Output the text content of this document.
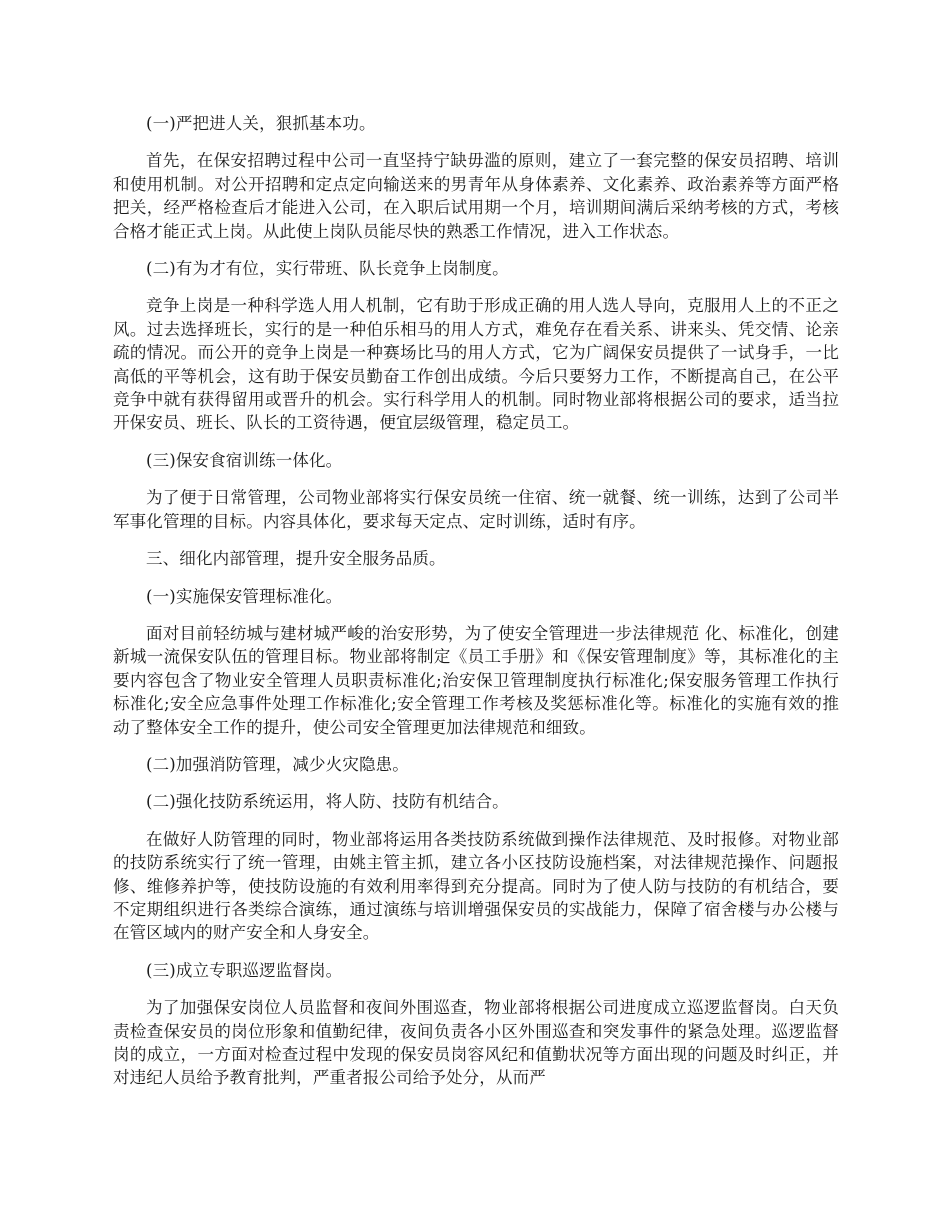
(一)严把进人关，狠抓基本功。

首先，在保安招聘过程中公司一直坚持宁缺毋滥的原则，建立了一套完整的保安员招聘、培训和使用机制。对公开招聘和定点定向输送来的男青年从身体素养、文化素养、政治素养等方面严格把关，经严格检查后才能进入公司，在入职后试用期一个月，培训期间满后采纳考核的方式，考核合格才能正式上岗。从此使上岗队员能尽快的熟悉工作情况，进入工作状态。

(二)有为才有位，实行带班、队长竞争上岗制度。

竞争上岗是一种科学选人用人机制，它有助于形成正确的用人选人导向，克服用人上的不正之风。过去选择班长，实行的是一种伯乐相马的用人方式，难免存在看关系、讲来头、凭交情、论亲疏的情况。而公开的竞争上岗是一种赛场比马的用人方式，它为广阔保安员提供了一试身手，一比高低的平等机会，这有助于保安员勤奋工作创出成绩。今后只要努力工作，不断提高自己，在公平竞争中就有获得留用或晋升的机会。实行科学用人的机制。同时物业部将根据公司的要求，适当拉开保安员、班长、队长的工资待遇，便宜层级管理，稳定员工。

(三)保安食宿训练一体化。

为了便于日常管理，公司物业部将实行保安员统一住宿、统一就餐、统一训练，达到了公司半军事化管理的目标。内容具体化，要求每天定点、定时训练，适时有序。

三、细化内部管理，提升安全服务品质。

(一)实施保安管理标准化。

面对目前轻纺城与建材城严峻的治安形势，为了使安全管理进一步法律规范 化、标准化，创建新城一流保安队伍的管理目标。物业部将制定《员工手册》和《保安管理制度》等，其标准化的主要内容包含了物业安全管理人员职责标准化;治安保卫管理制度执行标准化;保安服务管理工作执行标准化;安全应急事件处理工作标准化;安全管理工作考核及奖惩标准化等。标准化的实施有效的推动了整体安全工作的提升，使公司安全管理更加法律规范和细致。

(二)加强消防管理，减少火灾隐患。

(二)强化技防系统运用，将人防、技防有机结合。

在做好人防管理的同时，物业部将运用各类技防系统做到操作法律规范、及时报修。对物业部的技防系统实行了统一管理，由姚主管主抓，建立各小区技防设施档案，对法律规范操作、问题报修、维修养护等，使技防设施的有效利用率得到充分提高。同时为了使人防与技防的有机结合，要不定期组织进行各类综合演练，通过演练与培训增强保安员的实战能力，保障了宿舍楼与办公楼与在管区域内的财产安全和人身安全。

(三)成立专职巡逻监督岗。

为了加强保安岗位人员监督和夜间外围巡查，物业部将根据公司进度成立巡逻监督岗。白天负责检查保安员的岗位形象和值勤纪律，夜间负责各小区外围巡查和突发事件的紧急处理。巡逻监督岗的成立，一方面对检查过程中发现的保安员岗容风纪和值勤状况等方面出现的问题及时纠正，并对违纪人员给予教育批判，严重者报公司给予处分，从而严
